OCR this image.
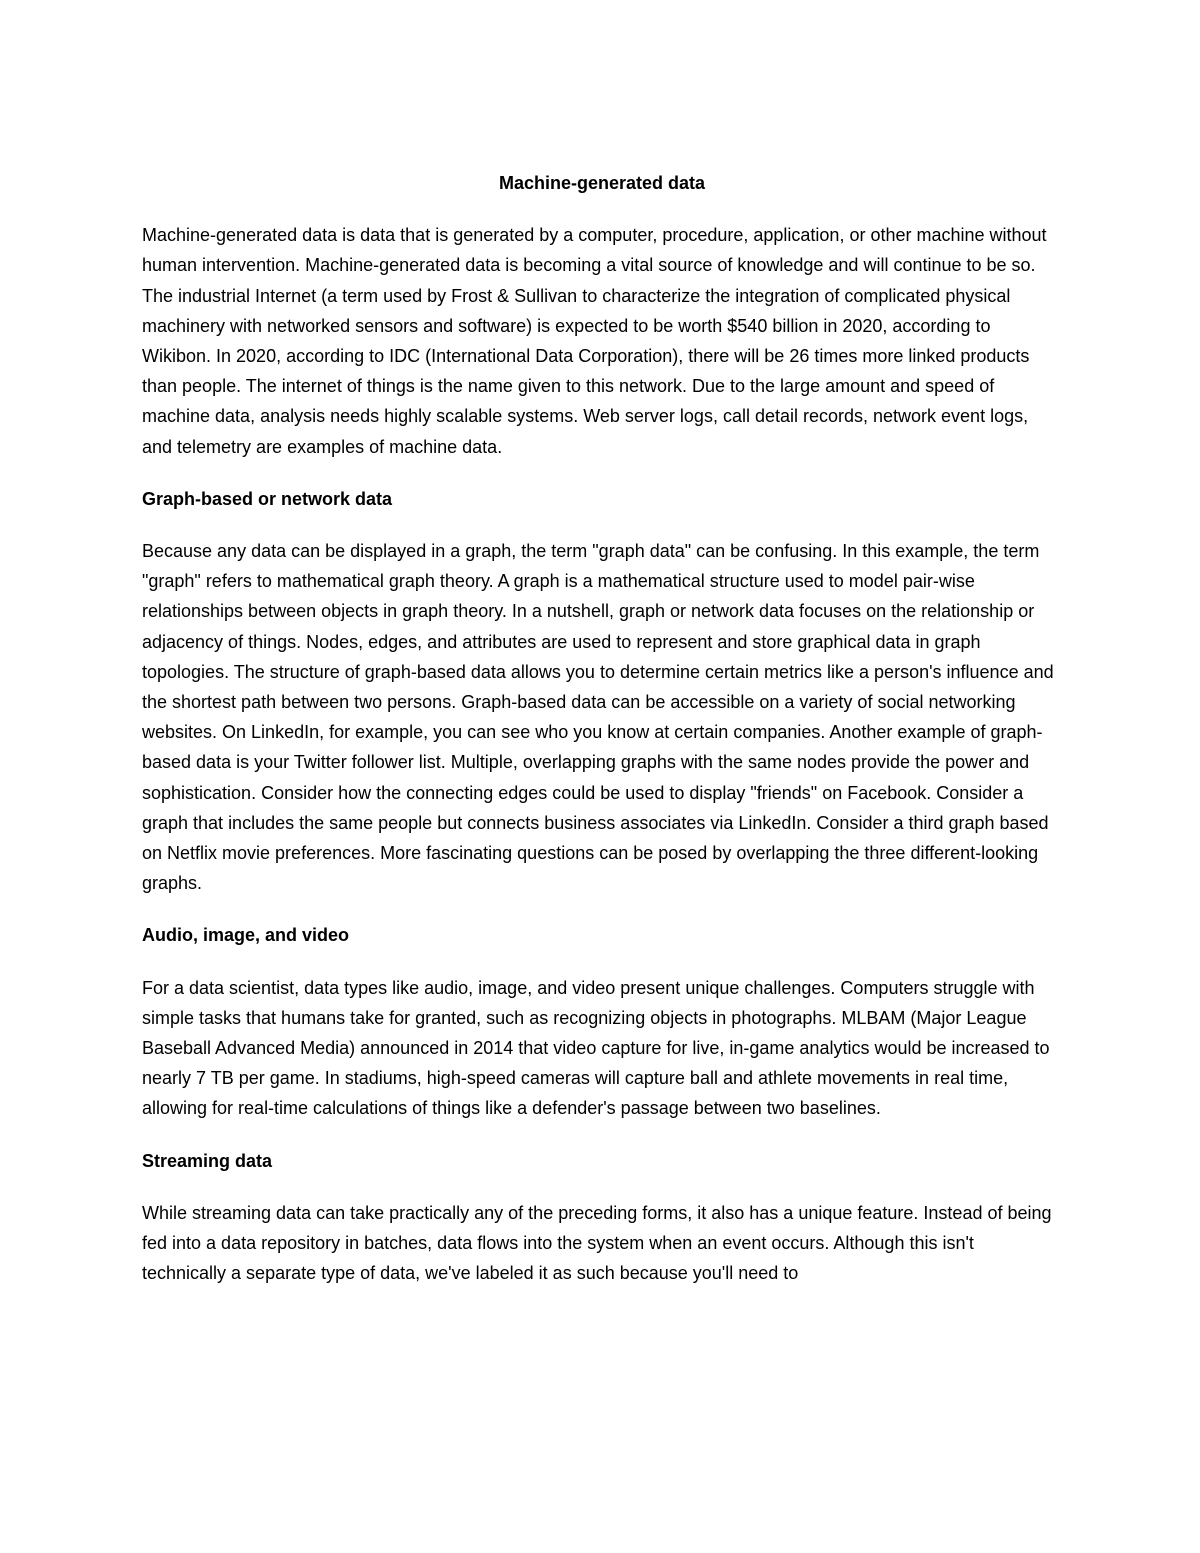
Machine-generated data

Machine-generated data is data that is generated by a computer, procedure, application, or other machine without human intervention. Machine-generated data is becoming a vital source of knowledge and will continue to be so. The industrial Internet (a term used by Frost & Sullivan to characterize the integration of complicated physical machinery with networked sensors and software) is expected to be worth $540 billion in 2020, according to Wikibon. In 2020, according to IDC (International Data Corporation), there will be 26 times more linked products than people. The internet of things is the name given to this network. Due to the large amount and speed of machine data, analysis needs highly scalable systems. Web server logs, call detail records, network event logs, and telemetry are examples of machine data.

Graph-based or network data

Because any data can be displayed in a graph, the term "graph data" can be confusing. In this example, the term "graph" refers to mathematical graph theory. A graph is a mathematical structure used to model pair-wise relationships between objects in graph theory. In a nutshell, graph or network data focuses on the relationship or adjacency of things. Nodes, edges, and attributes are used to represent and store graphical data in graph topologies. The structure of graph-based data allows you to determine certain metrics like a person's influence and the shortest path between two persons. Graph-based data can be accessible on a variety of social networking websites. On LinkedIn, for example, you can see who you know at certain companies. Another example of graph-based data is your Twitter follower list. Multiple, overlapping graphs with the same nodes provide the power and sophistication. Consider how the connecting edges could be used to display "friends" on Facebook. Consider a graph that includes the same people but connects business associates via LinkedIn. Consider a third graph based on Netflix movie preferences. More fascinating questions can be posed by overlapping the three different-looking graphs.

Audio, image, and video

For a data scientist, data types like audio, image, and video present unique challenges. Computers struggle with simple tasks that humans take for granted, such as recognizing objects in photographs. MLBAM (Major League Baseball Advanced Media) announced in 2014 that video capture for live, in-game analytics would be increased to nearly 7 TB per game. In stadiums, high-speed cameras will capture ball and athlete movements in real time, allowing for real-time calculations of things like a defender's passage between two baselines.

Streaming data

While streaming data can take practically any of the preceding forms, it also has a unique feature. Instead of being fed into a data repository in batches, data flows into the system when an event occurs. Although this isn't technically a separate type of data, we've labeled it as such because you'll need to
